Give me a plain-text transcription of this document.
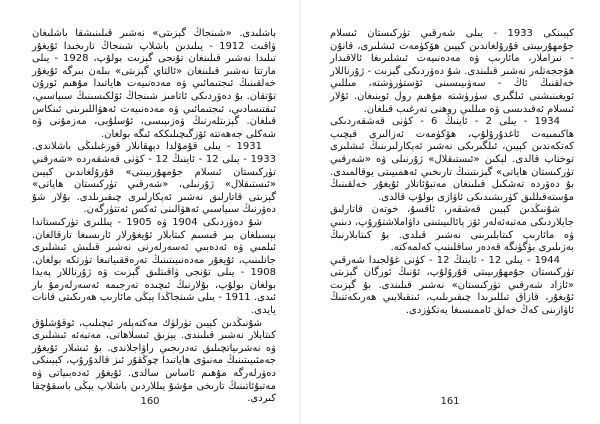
باشلىدى. «شىنجاڭ گېزىتى» نەشىر قىلىنىشقا باشلىغان ۋاقىت 1912 - يىلىدىن باشلاپ شىنجاڭ تارىخىدا ئۇيغۇر تىلىدا نەشىر قىلىنغان تۇنجى گېزىت بولۇپ، 1928 - يىلى مارتتا نەشىر قىلىنغان «ئالتاي گېزىتى» بىلەن بىرگە ئۇيغۇر خەلقىنىڭ ئىجتىمائىي ۋە مەدەنىيەت ھاياتىدا مۇھىم ئورۇن تۇتقان. بۇ دەۋردىكى ئاتامىز شىنجاڭ ئۆلكىسىنىڭ سىياسىي، ئىقتىسادىي، ئىجتىمائىي ۋە مەدەنىيەت ئەھۋاللىرىنى ئىنكاس قىلغان. گېزىتلەرنىڭ ۋەزىپىسى، ئۇسلۇبى، مەزمۇنى ۋە شەكلى جەھەتتە ئۆزگىچىلىككە ئىگە بولغان.

1931 - يىلى قۇمۇلدا دېھقانلار قوزغىلىڭى باشلاندى. 1933 - يىلى 12 - ئاينىڭ 12 - كۈنى قەشقەردە «شەرقىي تۈركىستان ئىسلام جۇمھۇرىيىتى» قۇرۇلغاندىن كېيىن «ئىستىقلال» ژۇرنىلى، «شەرقىي تۈركىستان ھاياتى» گېزىتى قاتارلىق نەشىر ئەپكارلىرى چىقىرىلدى. بۇلار شۇ دەۋرنىڭ سىياسىي ئەھۋالىنى ئەكس ئەتتۈرگەن.

شۇ دەۋردىكى 1904 ۋە 1905 - يىللىرى تۈركىستاندا بېسىلغان بىر قىسىم كىتابلار ئۇيغۇرلار ئارىسىغا تارقالغان. ئىلمىي ۋە ئەدەبىي ئەسەرلەرنى نەشىر قىلىش ئىشلىرى جانلىنىپ، ئۇيغۇر مەدەنىيىتىنىڭ تەرەققىياتىغا تۈرتكە بولغان. 1908 - يىلى تۇنجى ۋاقىتلىق گېزىت ۋە ژۇرناللار پەيدا بولغان بولۇپ، بۇلارنىڭ ئىچىدە تەرجىمە ئەسەرلەرمۇ بار ئىدى. 1911 - يىلى شىنجاڭدا يېڭى مائارىپ ھەرىكىتى قانات يايدى.

شۇنىڭدىن كېيىن تۈرلۈك مەكتەپلەر ئېچىلىپ، ئوقۇشلۇق كىتابلار نەشىر قىلىندى. يېزىق ئىسلاھاتى، مەتبەئە ئىشلىرى ۋە نەشرىياتچىلىق تەدرىجىي راۋاجلاندى. بۇ ئىشلار ئۇيغۇر جەمئىيىتىنىڭ مەنىۋى ھاياتىدا چوڭقۇر ئىز قالدۇرۇپ، كېيىنكى دەۋرلەرگە مۇھىم ئاساس سالدى. ئۇيغۇر ئەدەبىياتى ۋە مەتبۇئاتىنىڭ تارىخى مۇشۇ يىللاردىن باشلاپ يېڭى باسقۇچقا كىردى.

160

كېيىنكى 1933 - يىلى شەرقىي تۈركىستان ئىسلام جۇمھۇرىيىتى قۇرۇلغاندىن كېيىن ھۆكۈمەت ئىشلىرى، قانۇن - نىزاملار، مائارىپ ۋە مەدەنىيەت ئىشلىرىغا ئالاقىدار ھۆججەتلەر نەشىر قىلىندى. شۇ دەۋردىكى گېزىت - ژۇرناللار خەلقنىڭ ئاڭ - سەۋىيىسىنى ئۆستۈرۈشتە، مىللىي ئويغىنىشنى ئىلگىرى سۈرۈشتە مۇھىم رول ئوينىغان. ئۇلار ئىسلام ئەقىدىسى ۋە مىللىي روھنى تەرغىب قىلغان.

1934 - يىلى 2 - ئاينىڭ 6 - كۈنى قەشقەردىكى ھاكىمىيەت ئاغدۇرۇلۇپ، ھۆكۈمەت ئەزالىرى قېچىپ كەتكەندىن كېيىن، ئىلگىرىكى نەشىر ئەپكارلىرىنىڭ ئىشلىرى توختاپ قالدى. لېكىن «ئىستىقلال» ژۇرنىلى ۋە «شەرقىي تۈركىستان ھاياتى» گېزىتىنىڭ تارىخىي ئەھمىيىتى يوقالمىدى. بۇ دەۋردە تەشكىل قىلىنغان مەتبۇئاتلار ئۇيغۇر خەلقىنىڭ مۇستەقىللىق كۈرىشىدىكى ئاۋازى بولۇپ قالدى.

شۇنىڭدىن كېيىن قەشقەر، ئاقسۇ، خوتەن قاتارلىق جايلاردىكى مەتبەئەلەر ئۆز پائالىيىتىنى داۋاملاشتۇرۇپ، دىنىي ۋە مائارىپ كىتابلىرىنى نەشىر قىلدى. بۇ كىتابلارنىڭ بەزىلىرى بۈگۈنگە قەدەر ساقلىنىپ كەلمەكتە.

1944 - يىلى 12 - ئاينىڭ 12 - كۈنى غۇلجىدا شەرقىي تۈركىستان جۇمھۇرىيىتى قۇرۇلۇپ، ئۇنىڭ ئورگان گېزىتى «ئازاد شەرقىي تۈركىستان» نەشىر قىلىندى. بۇ گېزىت ئۇيغۇر، قازاق تىللىرىدا چىقىرىلىپ، ئىنقىلابىي ھەرىكەتنىڭ ئاۋازىنى كەڭ خەلق ئاممىسىغا يەتكۈزدى.

161
